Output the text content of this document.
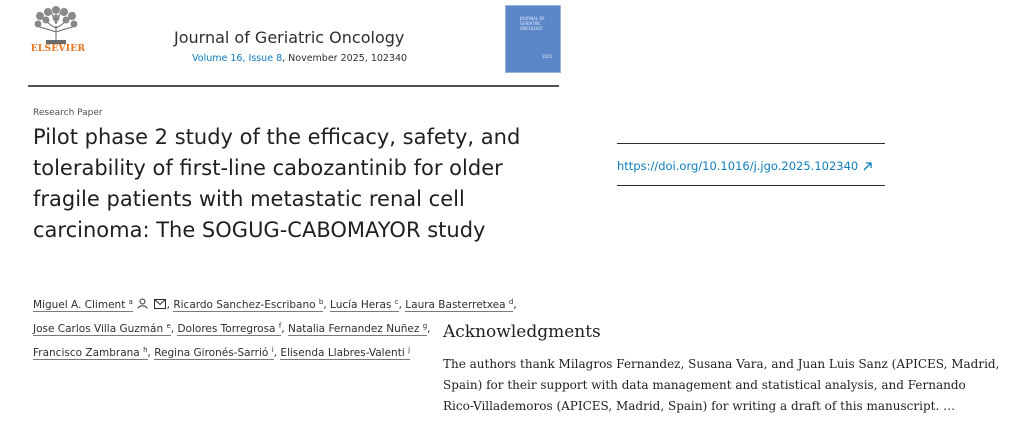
ELSEVIER
Journal of Geriatric Oncology
Volume 16, Issue 8, November 2025, 102340
JOURNAL OF GERIATRIC ONCOLOGY
2025
Research Paper
Pilot phase 2 study of the efficacy, safety, and tolerability of first-line cabozantinib for older fragile patients with metastatic renal cell carcinoma: The SOGUG-CABOMAYOR study
https://doi.org/10.1016/j.jgo.2025.102340
Miguel A. Climent $^a$	, Ricardo Sanchez-Escribano $^b$, Lucía Heras $^c$, Laura Basterretxea $^d$,
Jose Carlos Villa Guzmán $^e$, Dolores Torregrosa $^f$, Natalia Fernandez Nuñez $^g$,
Francisco Zambrana $^h$, Regina Gironés-Sarrió $^i$, Elisenda Llabres-Valenti $^j$
Acknowledgments
The authors thank Milagros Fernandez, Susana Vara, and Juan Luis Sanz (APICES, Madrid,
Spain) for their support with data management and statistical analysis, and Fernando
Rico-Villademoros (APICES, Madrid, Spain) for writing a draft of this manuscript. …
